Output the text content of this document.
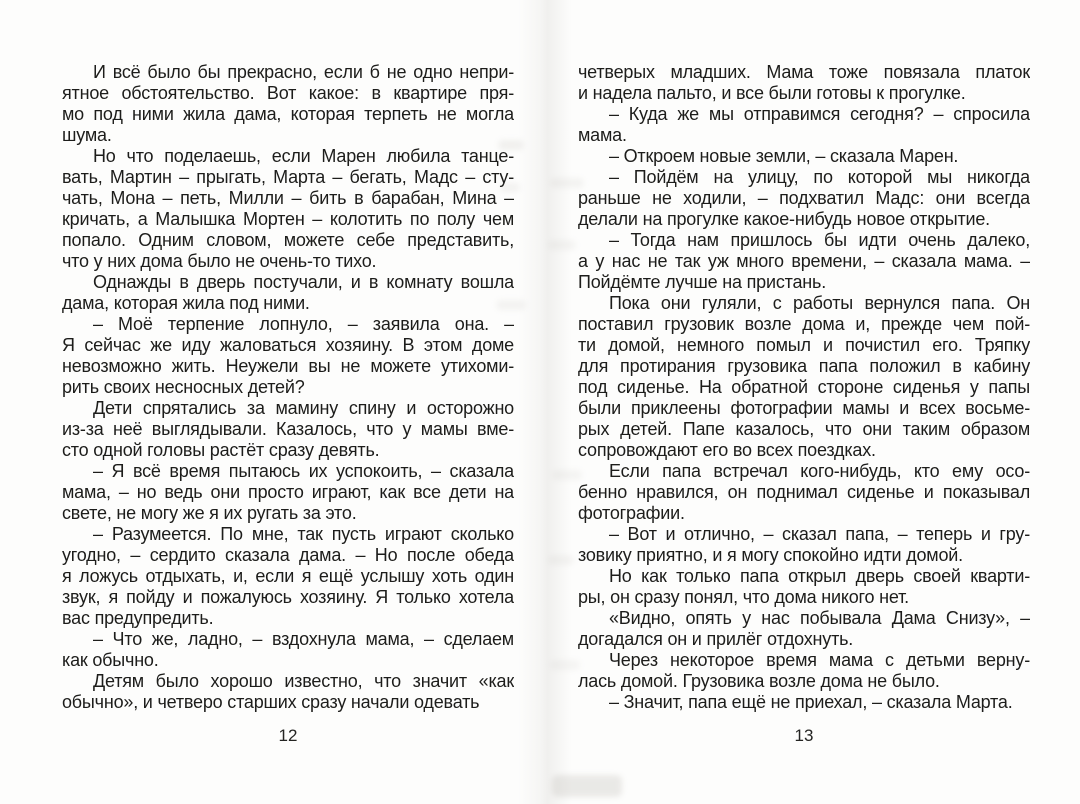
И всё было бы прекрасно, если б не одно непри-
ятное обстоятельство. Вот какое: в квартире пря-
мо под ними жила дама, которая терпеть не могла
шума.
Но что поделаешь, если Марен любила танце-
вать, Мартин – прыгать, Марта – бегать, Мадс – сту-
чать, Мона – петь, Милли – бить в барабан, Мина –
кричать, а Малышка Мортен – колотить по полу чем
попало. Одним словом, можете себе представить,
что у них дома было не очень-то тихо.
Однажды в дверь постучали, и в комнату вошла
дама, которая жила под ними.
– Моё терпение лопнуло, – заявила она. –
Я сейчас же иду жаловаться хозяину. В этом доме
невозможно жить. Неужели вы не можете утихоми-
рить своих несносных детей?
Дети спрятались за мамину спину и осторожно
из-за неё выглядывали. Казалось, что у мамы вме-
сто одной головы растёт сразу девять.
– Я всё время пытаюсь их успокоить, – сказала
мама, – но ведь они просто играют, как все дети на
свете, не могу же я их ругать за это.
– Разумеется. По мне, так пусть играют сколько
угодно, – сердито сказала дама. – Но после обеда
я ложусь отдыхать, и, если я ещё услышу хоть один
звук, я пойду и пожалуюсь хозяину. Я только хотела
вас предупредить.
– Что же, ладно, – вздохнула мама, – сделаем
как обычно.
Детям было хорошо известно, что значит «как
обычно», и четверо старших сразу начали одевать
12
четверых младших. Мама тоже повязала платок
и надела пальто, и все были готовы к прогулке.
– Куда же мы отправимся сегодня? – спросила
мама.
– Откроем новые земли, – сказала Марен.
– Пойдём на улицу, по которой мы никогда
раньше не ходили, – подхватил Мадс: они всегда
делали на прогулке какое-нибудь новое открытие.
– Тогда нам пришлось бы идти очень далеко,
а у нас не так уж много времени, – сказала мама. –
Пойдёмте лучше на пристань.
Пока они гуляли, с работы вернулся папа. Он
поставил грузовик возле дома и, прежде чем пой-
ти домой, немного помыл и почистил его. Тряпку
для протирания грузовика папа положил в кабину
под сиденье. На обратной стороне сиденья у папы
были приклеены фотографии мамы и всех восьме-
рых детей. Папе казалось, что они таким образом
сопровождают его во всех поездках.
Если папа встречал кого-нибудь, кто ему осо-
бенно нравился, он поднимал сиденье и показывал
фотографии.
– Вот и отлично, – сказал папа, – теперь и гру-
зовику приятно, и я могу спокойно идти домой.
Но как только папа открыл дверь своей кварти-
ры, он сразу понял, что дома никого нет.
«Видно, опять у нас побывала Дама Снизу», –
догадался он и прилёг отдохнуть.
Через некоторое время мама с детьми верну-
лась домой. Грузовика возле дома не было.
– Значит, папа ещё не приехал, – сказала Марта.
13
